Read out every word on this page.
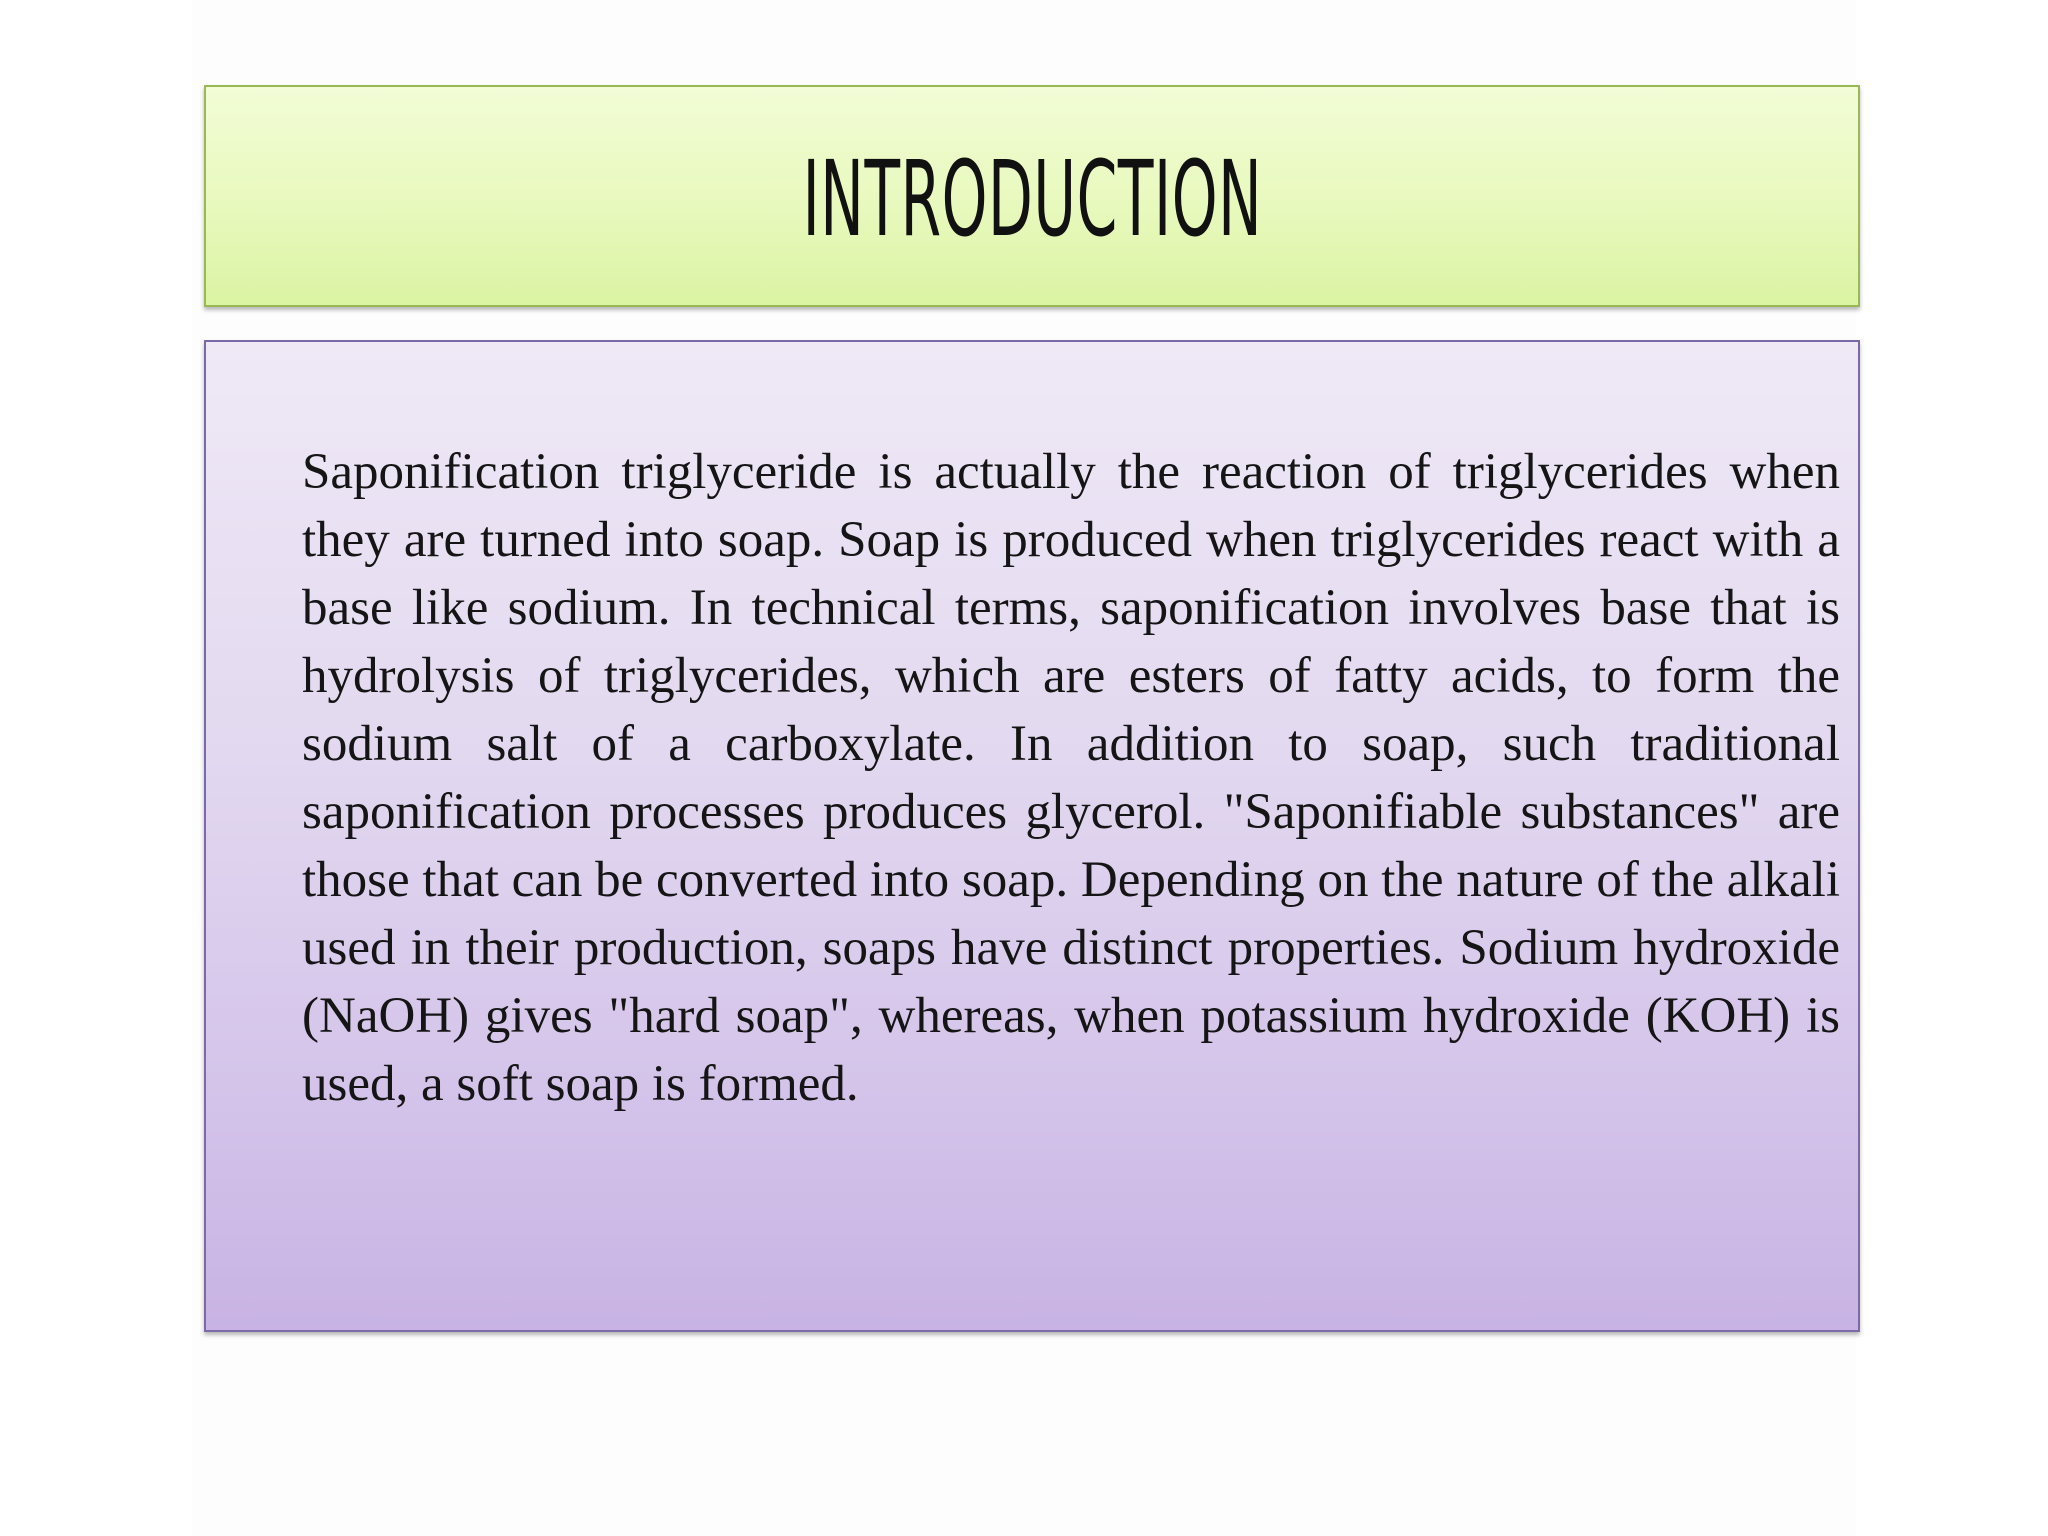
INTRODUCTION

Saponification triglyceride is actually the reaction of triglycerides when they are turned into soap. Soap is produced when triglycerides react with a base like sodium. In technical terms, saponification involves base that is hydrolysis of triglycerides, which are esters of fatty acids, to form the sodium salt of a carboxylate. In addition to soap, such traditional saponification processes produces glycerol. "Saponifiable substances" are those that can be converted into soap. Depending on the nature of the alkali used in their production, soaps have distinct properties. Sodium hydroxide (NaOH) gives "hard soap", whereas, when potassium hydroxide (KOH) is used, a soft soap is formed.
